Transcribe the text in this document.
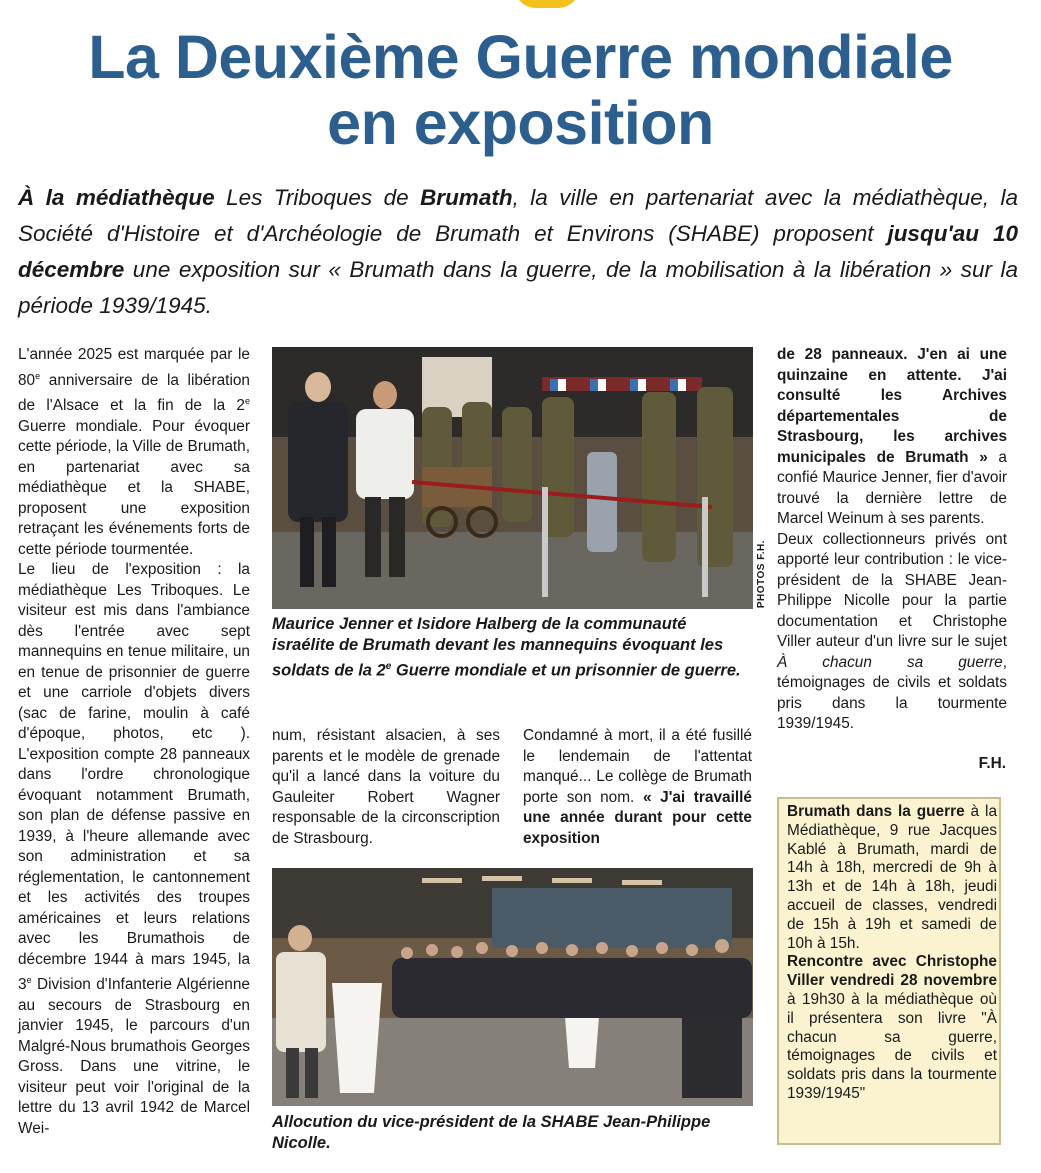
La Deuxième Guerre mondiale
en exposition

À la médiathèque Les Triboques de Brumath, la ville en partenariat avec la médiathèque, la Société d'Histoire et d'Archéologie de Brumath et Environs (SHABE) proposent jusqu'au 10 décembre une exposition sur « Brumath dans la guerre, de la mobilisation à la libération » sur la période 1939/1945.

L'année 2025 est marquée par le 80e anniversaire de la libération de l'Alsace et la fin de la 2e Guerre mondiale. Pour évoquer cette période, la Ville de Brumath, en partenariat avec sa médiathèque et la SHABE, proposent une exposition retraçant les événements forts de cette période tourmentée.
Le lieu de l'exposition : la médiathèque Les Triboques. Le visiteur est mis dans l'ambiance dès l'entrée avec sept mannequins en tenue militaire, un en tenue de prisonnier de guerre et une carriole d'objets divers (sac de farine, moulin à café d'époque, photos, etc ). L'exposition compte 28 panneaux dans l'ordre chronologique évoquant notamment Brumath, son plan de défense passive en 1939, à l'heure allemande avec son administration et sa réglementation, le cantonnement et les activités des troupes américaines et leurs relations avec les Brumathois de décembre 1944 à mars 1945, la 3e Division d'Infanterie Algérienne au secours de Strasbourg en janvier 1945, le parcours d'un Malgré-Nous brumathois Georges Gross. Dans une vitrine, le visiteur peut voir l'original de la lettre du 13 avril 1942 de Marcel Wei-
PHOTOS F.H.

Maurice Jenner et Isidore Halberg de la communauté israélite de Brumath devant les mannequins évoquant les soldats de la 2e Guerre mondiale et un prisonnier de guerre.

num, résistant alsacien, à ses parents et le modèle de grenade qu'il a lancé dans la voiture du Gauleiter Robert Wagner responsable de la circonscription de Strasbourg.
Condamné à mort, il a été fusillé le lendemain de l'attentat manqué... Le collège de Brumath porte son nom. « J'ai travaillé une année durant pour cette exposition

Allocution du vice-président de la SHABE Jean-Philippe Nicolle.

de 28 panneaux. J'en ai une quinzaine en attente. J'ai consulté les Archives départementales de Strasbourg, les archives municipales de Brumath » a confié Maurice Jenner, fier d'avoir trouvé la dernière lettre de Marcel Weinum à ses parents.
Deux collectionneurs privés ont apporté leur contribution : le vice-président de la SHABE Jean-Philippe Nicolle pour la partie documentation et Christophe Viller auteur d'un livre sur le sujet À chacun sa guerre, témoignages de civils et soldats pris dans la tourmente 1939/1945.
F.H.
Brumath dans la guerre à la Médiathèque, 9 rue Jacques Kablé à Brumath, mardi de 14h à 18h, mercredi de 9h à 13h et de 14h à 18h, jeudi accueil de classes, vendredi de 15h à 19h et samedi de 10h à 15h.
Rencontre avec Christophe Viller vendredi 28 novembre à 19h30 à la médiathèque où il présentera son livre "À chacun sa guerre, témoignages de civils et soldats pris dans la tourmente 1939/1945"
